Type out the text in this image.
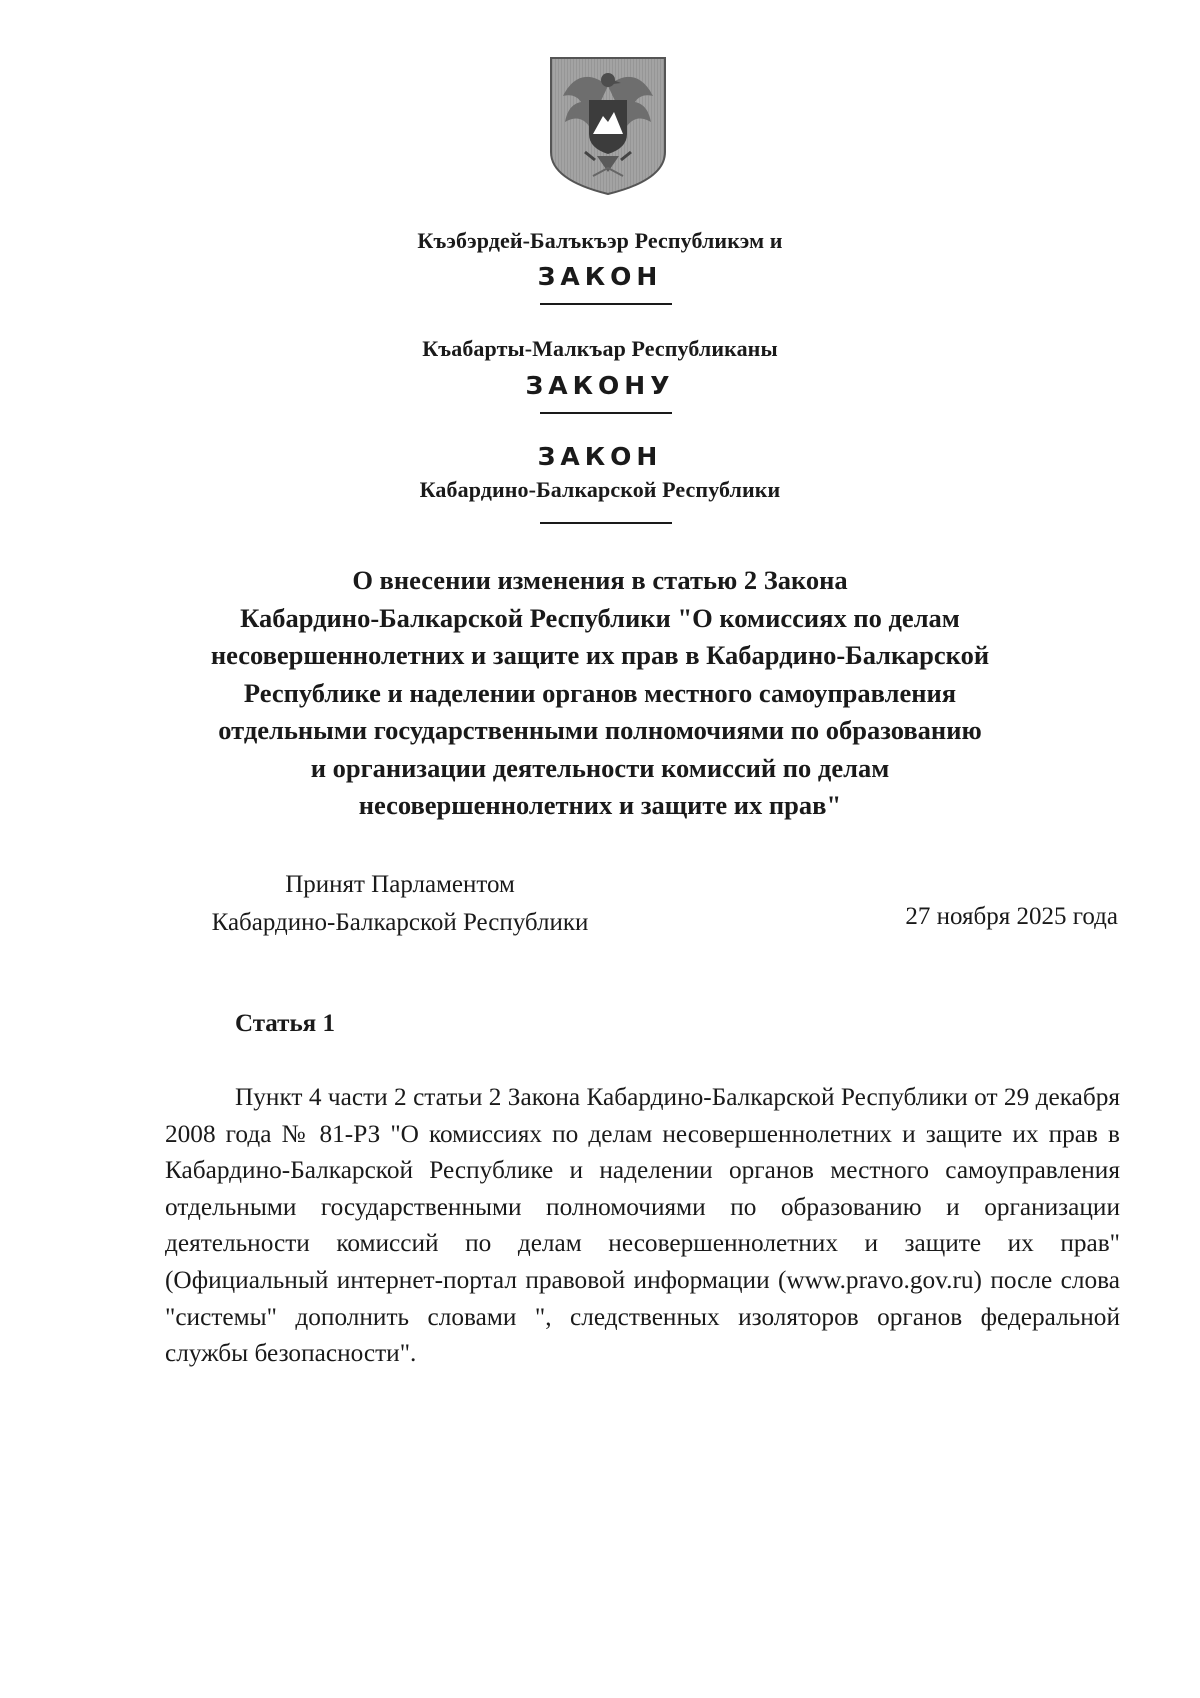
Къэбэрдей-Балъкъэр Республикэм и
ЗАКОН
Къабарты-Малкъар Республиканы
ЗАКОНУ
ЗАКОН
Кабардино-Балкарской Республики
О внесении изменения в статью 2 Закона
Кабардино-Балкарской Республики "О комиссиях по делам
несовершеннолетних и защите их прав в Кабардино-Балкарской
Республике и наделении органов местного самоуправления
отдельными государственными полномочиями по образованию
и организации деятельности комиссий по делам
несовершеннолетних и защите их прав"
Принят Парламентом
Кабардино-Балкарской Республики	27 ноября 2025 года
Статья 1
Пункт 4 части 2 статьи 2 Закона Кабардино-Балкарской Республики от 29 декабря 2008 года № 81-РЗ "О комиссиях по делам несовершеннолетних и защите их прав в Кабардино-Балкарской Республике и наделении органов местного самоуправления отдельными государственными полномочиями по образованию и организации деятельности комиссий по делам несовершеннолетних и защите их прав" (Официальный интернет-портал правовой информации (www.pravo.gov.ru) после слова "системы" дополнить словами ", следственных изоляторов органов федеральной службы безопасности".
